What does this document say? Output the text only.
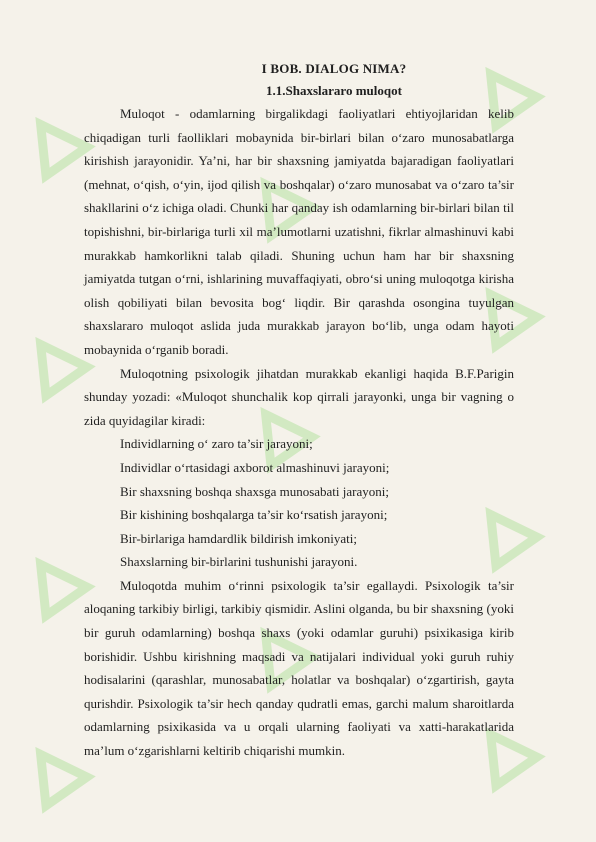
I BOB. DIALOG NIMA?
1.1.Shaxslararo muloqot

Muloqot - odamlarning birgalikdagi faoliyatlari ehtiyojlaridan kelib chiqadigan turli faolliklari mobaynida bir-birlari bilan o‘zaro munosabatlarga kirishish jarayonidir. Ya’ni, har bir shaxsning jamiyatda bajaradigan faoliyatlari (mehnat, o‘qish, o‘yin, ijod qilish va boshqalar) o‘zaro munosabat va o‘zaro ta’sir shakllarini o‘z ichiga oladi. Chunki har qanday ish odamlarning bir-birlari bilan til topishishni, bir-birlariga turli xil ma’lumotlarni uzatishni, fikrlar almashinuvi kabi murakkab hamkorlikni talab qiladi. Shuning uchun ham har bir shaxsning jamiyatda tutgan o‘rni, ishlarining muvaffaqiyati, obro‘si uning muloqotga kirisha olish qobiliyati bilan bevosita bog‘ liqdir. Bir qarashda osongina tuyulgan shaxslararo muloqot aslida juda murakkab jarayon bo‘lib, unga odam hayoti mobaynida o‘rganib boradi.

Muloqotning psixologik jihatdan murakkab ekanligi haqida B.F.Parigin shunday yozadi: «Muloqot shunchalik kop qirrali jarayonki, unga bir vagning o zida quyidagilar kiradi:

Individlarning o‘ zaro ta’sir jarayoni;
Individlar o‘rtasidagi axborot almashinuvi jarayoni;
Bir shaxsning boshqa shaxsga munosabati jarayoni;
Bir kishining boshqalarga ta’sir ko‘rsatish jarayoni;
Bir-birlariga hamdardlik bildirish imkoniyati;
Shaxslarning bir-birlarini tushunishi jarayoni.

Muloqotda muhim o‘rinni psixologik ta’sir egallaydi. Psixologik ta’sir aloqaning tarkibiy birligi, tarkibiy qismidir. Aslini olganda, bu bir shaxsning (yoki bir guruh odamlarning) boshqa shaxs (yoki odamlar guruhi) psixikasiga kirib borishidir. Ushbu kirishning maqsadi va natijalari individual yoki guruh ruhiy hodisalarini (qarashlar, munosabatlar, holatlar va boshqalar) o‘zgartirish, gayta qurishdir. Psixologik ta’sir hech qanday qudratli emas, garchi malum sharoitlarda odamlarning psixikasida va u orqali ularning faoliyati va xatti-harakatlarida ma’lum o‘zgarishlarni keltirib chiqarishi mumkin.
